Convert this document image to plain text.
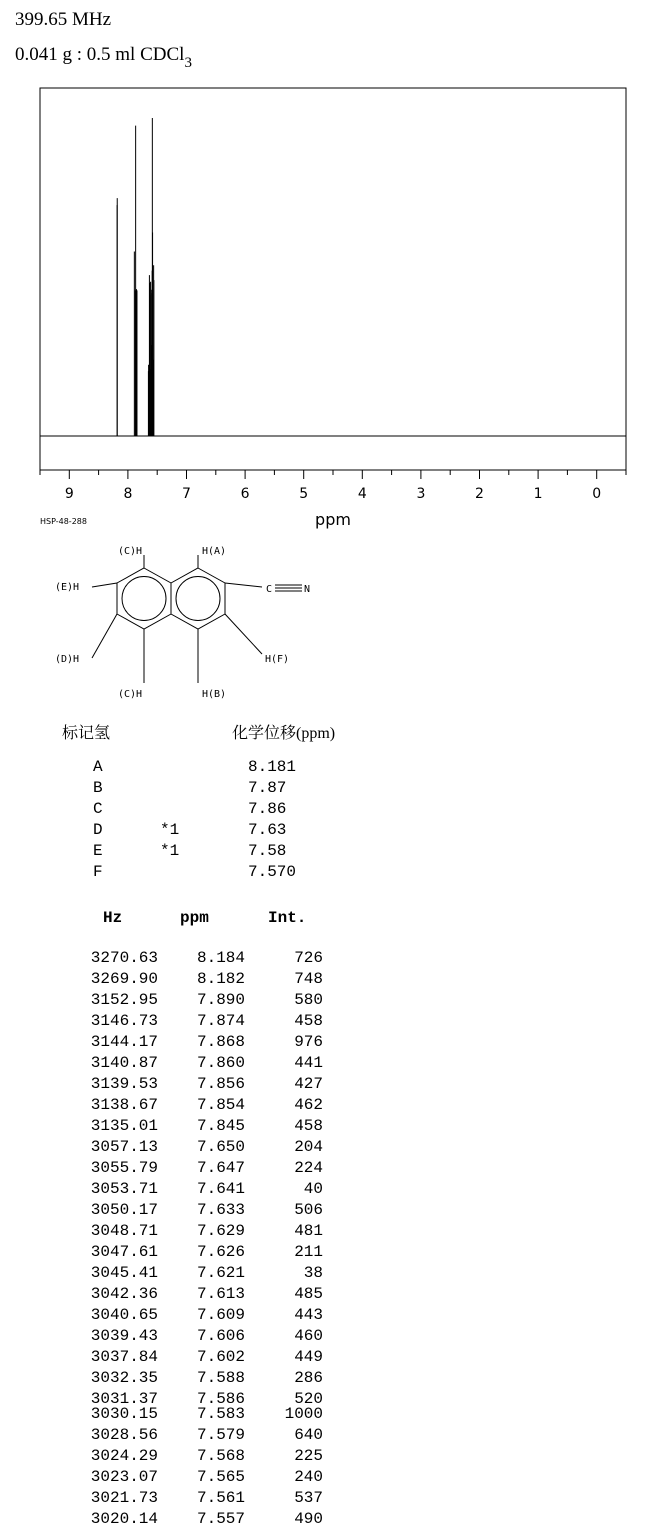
399.65 MHz
0.041 g : 0.5 ml CDCl$_3$
9	8	7	6	5	4	3	2	1	0
ppm
HSP-48-288
(C)H	H(A)
C	N
(E)H
(D)H	H(F)
(C)H	H(B)
标记氢	化学位移(ppm)
A	8.181
B	7.87
C	7.86
D	*1	7.63
E	*1	7.58
F	7.570
Hz	ppm	Int.
3270.63 8.184	726
3269.90 8.182	748
3152.95 7.890	580
3146.73 7.874	458
3144.17 7.868	976
3140.87 7.860	441
3139.53 7.856	427
3138.67 7.854	462
3135.01 7.845	458
3057.13 7.650	204
3055.79 7.647	224
3053.71 7.641	40
3050.17 7.633	506
3048.71 7.629	481
3047.61 7.626	211
3045.41 7.621	38
3042.36 7.613	485
3040.65 7.609	443
3039.43 7.606	460
3037.84 7.602	449
3032.35 7.588	286
3031.37 7.586	520
3030.15 7.583 1000
3028.56 7.579	640
3024.29 7.568	225
3023.07 7.565	240
3021.73 7.561	537
3020.14 7.557	490
